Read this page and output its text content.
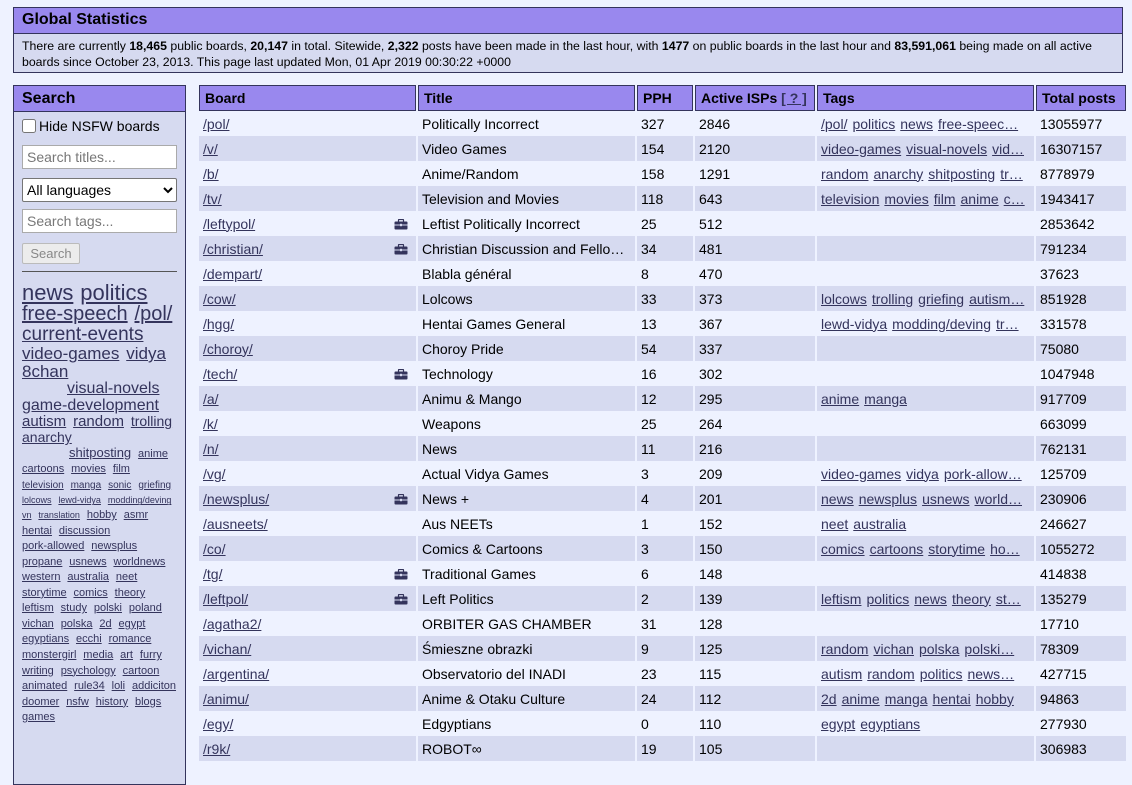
Global Statistics
There are currently 18,465 public boards, 20,147 in total. Sitewide, 2,322 posts have been made in the last hour, with 1477 on public boards in the last hour and 83,591,061 being made on all active boards since October 23, 2013. This page last updated Mon, 01 Apr 2019 00:30:22 +0000
Search
Hide NSFW boards
Search titles...
All languages
Search tags...
Search
news politics free-speech /pol/ current-events video-games vidya 8chan visual-novels game-development autism random trolling anarchy shitposting anime cartoons movies film television manga sonic griefing lolcows lewd-vidya modding/deving vn translation hobby asmr hentai discussion pork-allowed newsplus propane usnews worldnews western australia neet storytime comics theory leftism study polski poland vichan polska 2d egypt egyptians ecchi romance monstergirl media art furry writing psychology cartoon animated rule34 loli addiciton doomer nsfw history blogs games
Board	Title	PPH	Active ISPs [ ? ]	Tags	Total posts
/pol/	Politically Incorrect	327	2846	/pol/ politics news free-speec…	13055977
/v/	Video Games	154	2120	video-games visual-novels vid…	16307157
/b/	Anime/Random	158	1291	random anarchy shitposting tr…	8778979
/tv/	Television and Movies	118	643	television movies film anime c…	1943417
/leftypol/	Leftist Politically Incorrect	25	512		2853642
/christian/	Christian Discussion and Fello…	34	481		791234
/dempart/	Blabla général	8	470		37623
/cow/	Lolcows	33	373	lolcows trolling griefing autism…	851928
/hgg/	Hentai Games General	13	367	lewd-vidya modding/deving tr…	331578
/choroy/	Choroy Pride	54	337		75080
/tech/	Technology	16	302		1047948
/a/	Animu & Mango	12	295	anime manga	917709
/k/	Weapons	25	264		663099
/n/	News	11	216		762131
/vg/	Actual Vidya Games	3	209	video-games vidya pork-allow…	125709
/newsplus/	News +	4	201	news newsplus usnews world…	230906
/ausneets/	Aus NEETs	1	152	neet australia	246627
/co/	Comics & Cartoons	3	150	comics cartoons storytime ho…	1055272
/tg/	Traditional Games	6	148		414838
/leftpol/	Left Politics	2	139	leftism politics news theory st…	135279
/agatha2/	ORBITER GAS CHAMBER	31	128		17710
/vichan/	Śmieszne obrazki	9	125	random vichan polska polski…	78309
/argentina/	Observatorio del INADI	23	115	autism random politics news…	427715
/animu/	Anime & Otaku Culture	24	112	2d anime manga hentai hobby	94863
/egy/	Edgyptians	0	110	egypt egyptians	277930
/r9k/	ROBOT∞	19	105		306983
